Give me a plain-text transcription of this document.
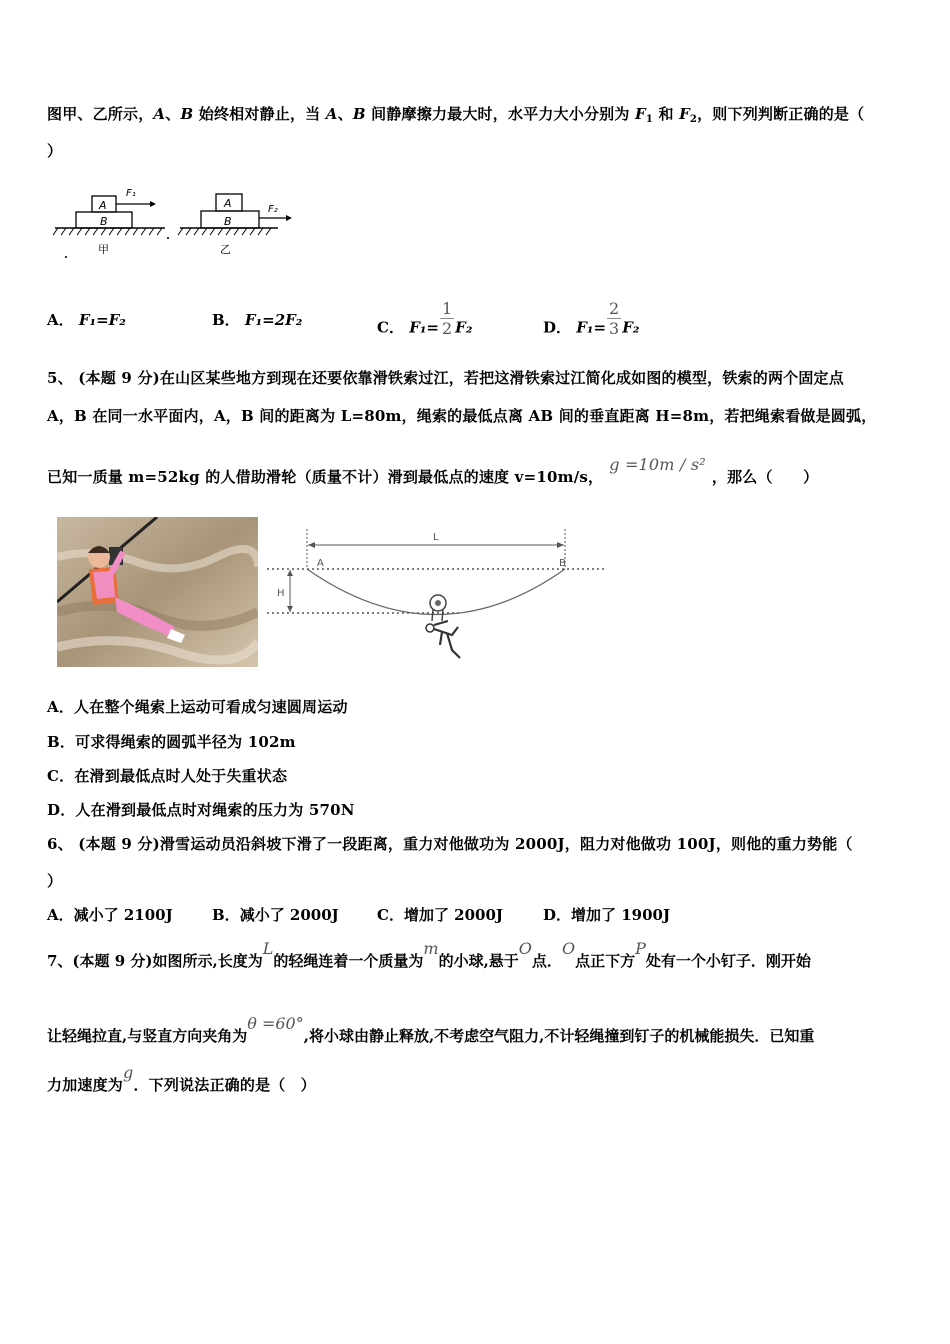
图甲、乙所示，A、B 始终相对静止，当 A、B 间静摩擦力最大时，水平力大小分别为 $F_1$ 和 $F_2$，则下列判断正确的是（
）
A
B
F₁
甲
A
B
F₂
乙
A． F₁=F₂	B． F₁=2F₂	C． $F_1= \frac{1}{2} F_2$	D． $F_1= \frac{2}{3} F_2$
5、 (本题 9 分)在山区某些地方到现在还要依靠滑铁索过江，若把这滑铁索过江简化成如图的模型，铁索的两个固定点
A，B 在同一水平面内，A，B 间的距离为 L=80m，绳索的最低点离 AB 间的垂直距离 H=8m，若把绳索看做是圆弧，
已知一质量 m=52kg 的人借助滑轮（质量不计）滑到最低点的速度 v=10m/s，g =10m / s²，那么（　　）
L
A	B
H
A．人在整个绳索上运动可看成匀速圆周运动
B．可求得绳索的圆弧半径为 102m
C．在滑到最低点时人处于失重状态
D．人在滑到最低点时对绳索的压力为 570N
6、 (本题 9 分)滑雪运动员沿斜坡下滑了一段距离，重力对他做功为 2000J，阻力对他做功 100J，则他的重力势能（
）
A．减小了 2100J	B．减小了 2000J	C．增加了 2000J	D．增加了 1900J
7、(本题 9 分)如图所示,长度为L的轻绳连着一个质量为m的小球,悬于O点．O点正下方P处有一个小钉子．刚开始
让轻绳拉直,与竖直方向夹角为θ =60°,将小球由静止释放,不考虑空气阻力,不计轻绳撞到钉子的机械能损失．已知重
力加速度为g．下列说法正确的是（　）
